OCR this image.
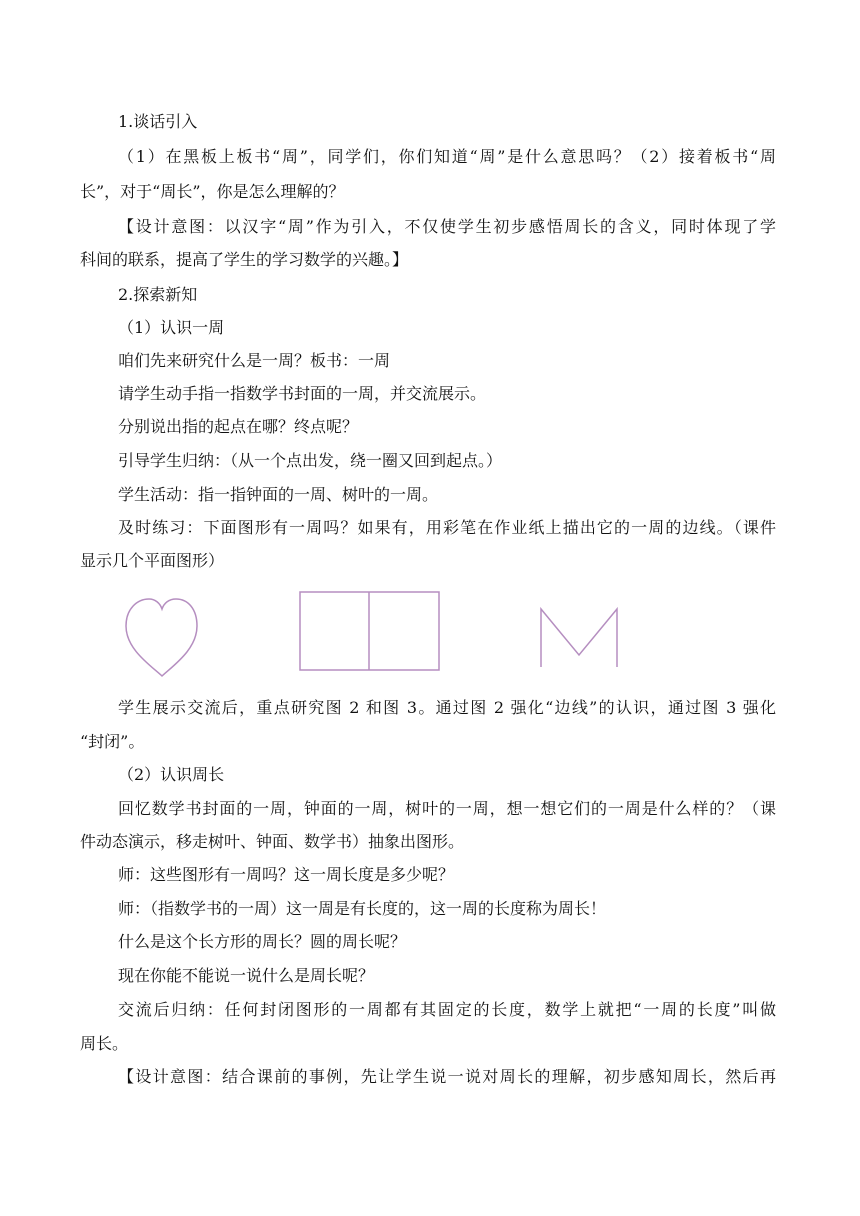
1.谈话引入
（1）在黑板上板书“周”，同学们，你们知道“周”是什么意思吗？（2）接着板书“周
长”，对于“周长”，你是怎么理解的？
【设计意图：以汉字“周”作为引入，不仅使学生初步感悟周长的含义，同时体现了学
科间的联系，提高了学生的学习数学的兴趣。】
2.探索新知
（1）认识一周
咱们先来研究什么是一周？板书：一周
请学生动手指一指数学书封面的一周，并交流展示。
分别说出指的起点在哪？终点呢？
引导学生归纳：（从一个点出发，绕一圈又回到起点。）
学生活动：指一指钟面的一周、树叶的一周。
及时练习：下面图形有一周吗？如果有，用彩笔在作业纸上描出它的一周的边线。（课件
显示几个平面图形）
学生展示交流后，重点研究图 2 和图 3。通过图 2 强化“边线”的认识，通过图 3 强化
“封闭”。
（2）认识周长
回忆数学书封面的一周，钟面的一周，树叶的一周，想一想它们的一周是什么样的？（课
件动态演示，移走树叶、钟面、数学书）抽象出图形。
师：这些图形有一周吗？这一周长度是多少呢？
师：（指数学书的一周）这一周是有长度的，这一周的长度称为周长！
什么是这个长方形的周长？圆的周长呢？
现在你能不能说一说什么是周长呢？
交流后归纳：任何封闭图形的一周都有其固定的长度，数学上就把“一周的长度”叫做
周长。
【设计意图：结合课前的事例，先让学生说一说对周长的理解，初步感知周长，然后再
